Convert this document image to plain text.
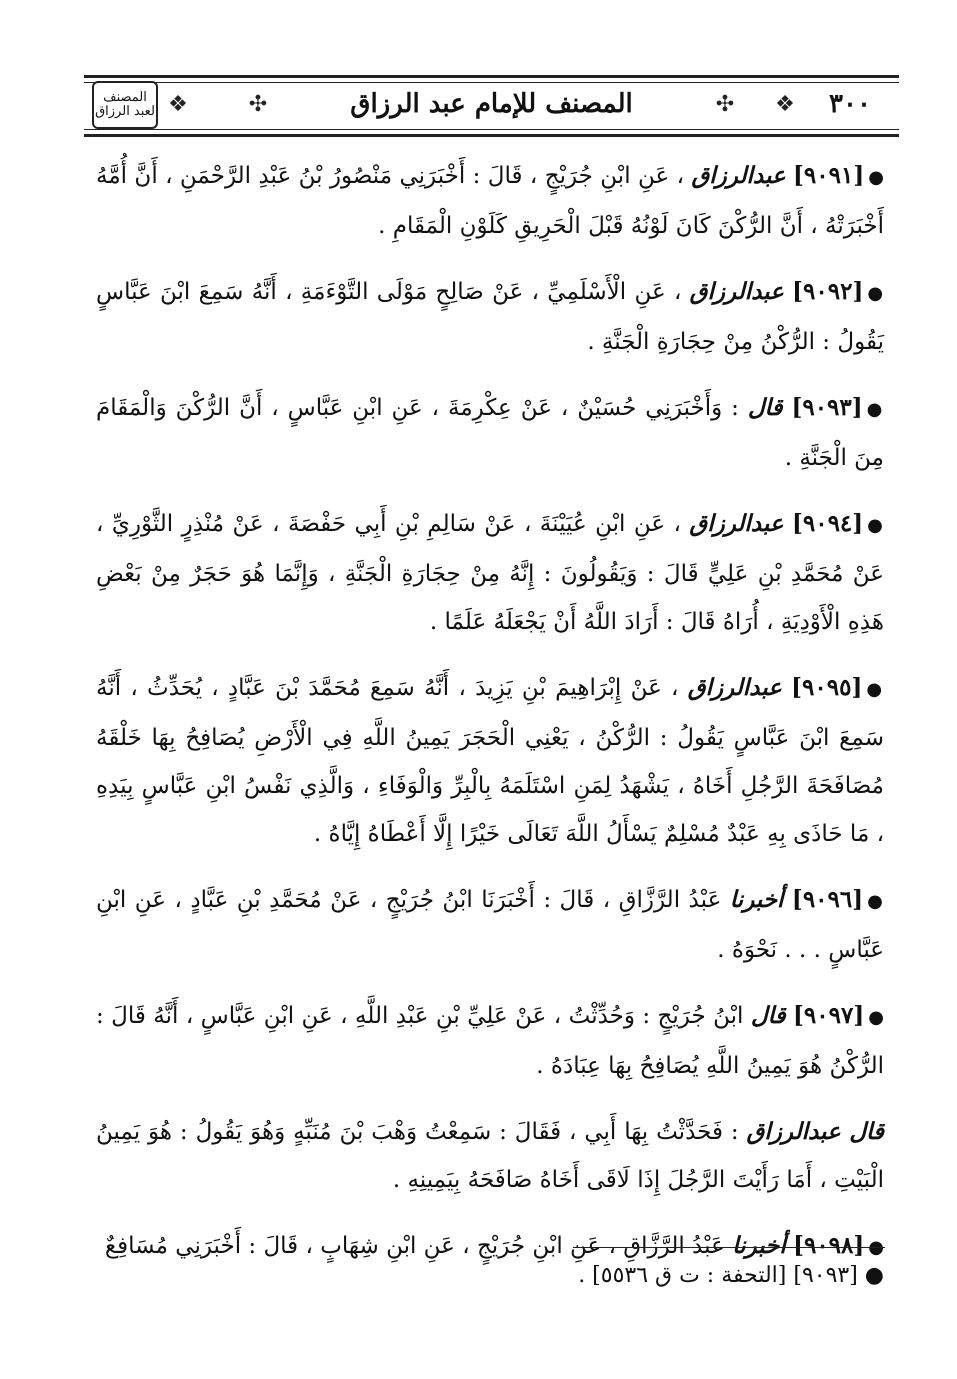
المصنف لعبد الرزاق ❖	✣	المصنف للإمام عبد الرزاق	✣ ❖	٣٠٠

●[٩٠٩١] عبدالرزاق ، عَنِ ابْنِ جُرَيْجٍ ، قَالَ : أَخْبَرَنِي مَنْصُورُ بْنُ عَبْدِ الرَّحْمَنِ ، أَنَّ أُمَّهُ أَخْبَرَتْهُ ، أَنَّ الرُّكْنَ كَانَ لَوْنُهُ قَبْلَ الْحَرِيقِ كَلَوْنِ الْمَقَامِ .

●[٩٠٩٢] عبدالرزاق ، عَنِ الْأَسْلَمِيِّ ، عَنْ صَالِحٍ مَوْلَى التَّوْءَمَةِ ، أَنَّهُ سَمِعَ ابْنَ عَبَّاسٍ يَقُولُ : الرُّكْنُ مِنْ حِجَارَةِ الْجَنَّةِ .

●[٩٠٩٣] قال : وَأَخْبَرَنِي حُسَيْنٌ ، عَنْ عِكْرِمَةَ ، عَنِ ابْنِ عَبَّاسٍ ، أَنَّ الرُّكْنَ وَالْمَقَامَ مِنَ الْجَنَّةِ .

●[٩٠٩٤] عبدالرزاق ، عَنِ ابْنِ عُيَيْنَةَ ، عَنْ سَالِمِ بْنِ أَبِي حَفْصَةَ ، عَنْ مُنْذِرٍ الثَّوْرِيِّ ، عَنْ مُحَمَّدِ بْنِ عَلِيٍّ قَالَ : وَيَقُولُونَ : إِنَّهُ مِنْ حِجَارَةِ الْجَنَّةِ ، وَإِنَّمَا هُوَ حَجَرٌ مِنْ بَعْضِ هَذِهِ الْأَوْدِيَةِ ، أُرَاهُ قَالَ : أَرَادَ اللَّهُ أَنْ يَجْعَلَهُ عَلَمًا .

●[٩٠٩٥] عبدالرزاق ، عَنْ إِبْرَاهِيمَ بْنِ يَزِيدَ ، أَنَّهُ سَمِعَ مُحَمَّدَ بْنَ عَبَّادٍ ، يُحَدِّثُ ، أَنَّهُ سَمِعَ ابْنَ عَبَّاسٍ يَقُولُ : الرُّكْنُ ، يَعْنِي الْحَجَرَ يَمِينُ اللَّهِ فِي الْأَرْضِ يُصَافِحُ بِهَا خَلْقَهُ مُصَافَحَةَ الرَّجُلِ أَخَاهُ ، يَشْهَدُ لِمَنِ اسْتَلَمَهُ بِالْبِرِّ وَالْوَفَاءِ ، وَالَّذِي نَفْسُ ابْنِ عَبَّاسٍ بِيَدِهِ ، مَا حَاذَى بِهِ عَبْدٌ مُسْلِمٌ يَسْأَلُ اللَّهَ تَعَالَى خَيْرًا إِلَّا أَعْطَاهُ إِيَّاهُ .

●[٩٠٩٦] أخبرنا عَبْدُ الرَّزَّاقِ ، قَالَ : أَخْبَرَنَا ابْنُ جُرَيْجٍ ، عَنْ مُحَمَّدِ بْنِ عَبَّادٍ ، عَنِ ابْنِ عَبَّاسٍ . . . نَحْوَهُ .

●[٩٠٩٧] قال ابْنُ جُرَيْجٍ : وَحُدِّثْتُ ، عَنْ عَلِيِّ بْنِ عَبْدِ اللَّهِ ، عَنِ ابْنِ عَبَّاسٍ ، أَنَّهُ قَالَ : الرُّكْنُ هُوَ يَمِينُ اللَّهِ يُصَافِحُ بِهَا عِبَادَهُ .

قال عبدالرزاق : فَحَدَّثْتُ بِهَا أَبِي ، فَقَالَ : سَمِعْتُ وَهْبَ بْنَ مُنَبِّهٍ وَهُوَ يَقُولُ : هُوَ يَمِينُ الْبَيْتِ ، أَمَا رَأَيْتَ الرَّجُلَ إِذَا لَاقَى أَخَاهُ صَافَحَهُ بِيَمِينِهِ .

●[٩٠٩٨] أخبرنا عَبْدُ الرَّزَّاقِ ، عَنِ ابْنِ جُرَيْجٍ ، عَنِ ابْنِ شِهَابٍ ، قَالَ : أَخْبَرَنِي مُسَافِعٌ

● [٩٠٩٣] [التحفة : ت ق ٥٥٣٦] .
